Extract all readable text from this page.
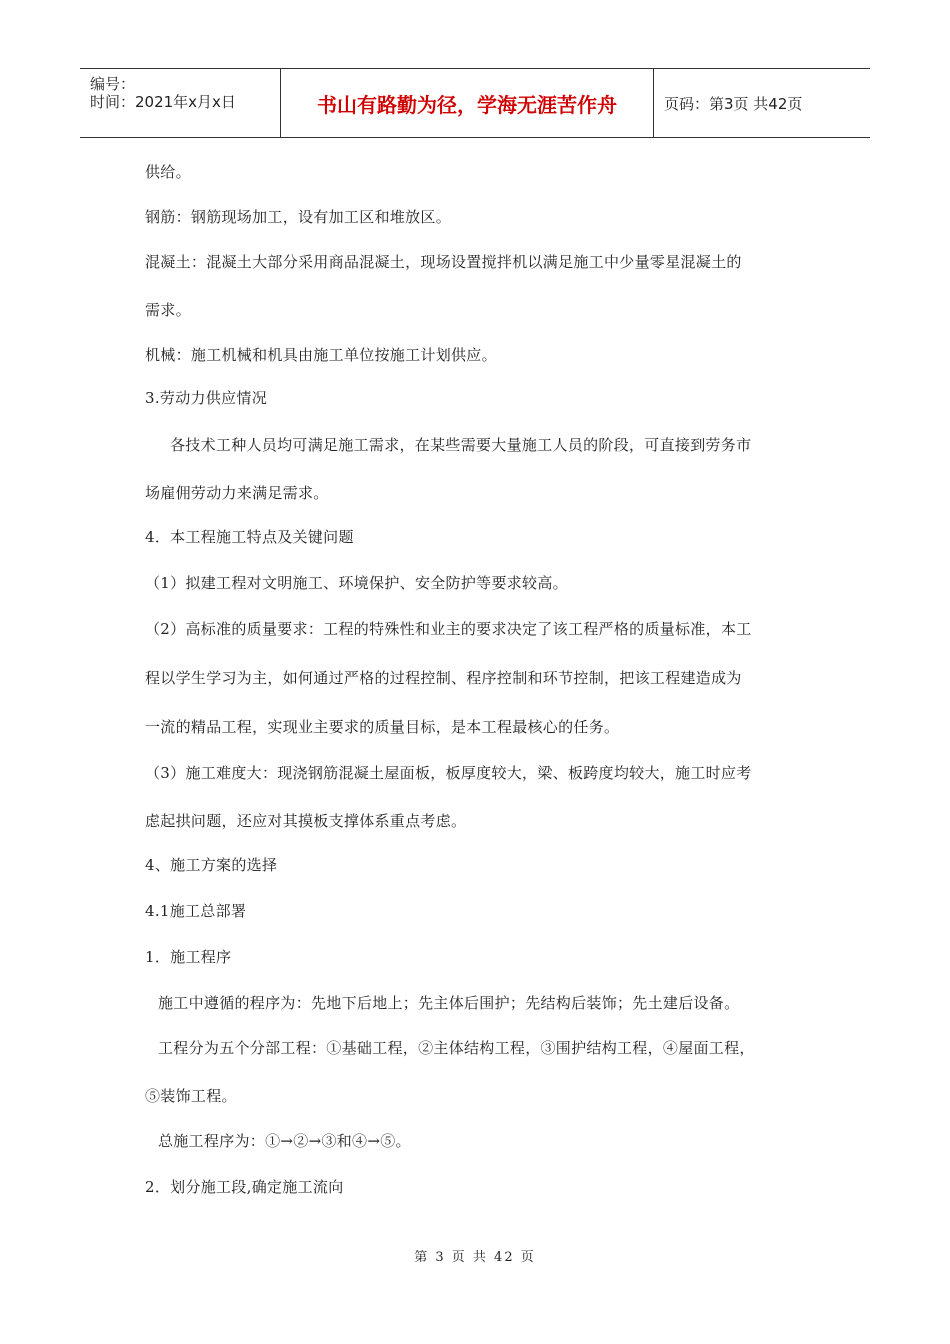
编号：
时间：2021年x月x日	书山有路勤为径，学海无涯苦作舟	页码：第3页 共42页
供给。
钢筋：钢筋现场加工，设有加工区和堆放区。
混凝土：混凝土大部分采用商品混凝土，现场设置搅拌机以满足施工中少量零星混凝土的
需求。
机械：施工机械和机具由施工单位按施工计划供应。
3.劳动力供应情况
各技术工种人员均可满足施工需求，在某些需要大量施工人员的阶段，可直接到劳务市
场雇佣劳动力来满足需求。
4．本工程施工特点及关键问题
（1）拟建工程对文明施工、环境保护、安全防护等要求较高。
（2）高标准的质量要求：工程的特殊性和业主的要求决定了该工程严格的质量标准，本工
程以学生学习为主，如何通过严格的过程控制、程序控制和环节控制，把该工程建造成为
一流的精品工程，实现业主要求的质量目标，是本工程最核心的任务。
（3）施工难度大：现浇钢筋混凝土屋面板，板厚度较大，梁、板跨度均较大，施工时应考
虑起拱问题，还应对其摸板支撑体系重点考虑。
4、施工方案的选择
4.1施工总部署
1．施工程序
施工中遵循的程序为：先地下后地上；先主体后围护；先结构后装饰；先土建后设备。
工程分为五个分部工程：①基础工程，②主体结构工程，③围护结构工程，④屋面工程，
⑤装饰工程。
总施工程序为：①→②→③和④→⑤。
2．划分施工段,确定施工流向
第 3 页 共 42 页
